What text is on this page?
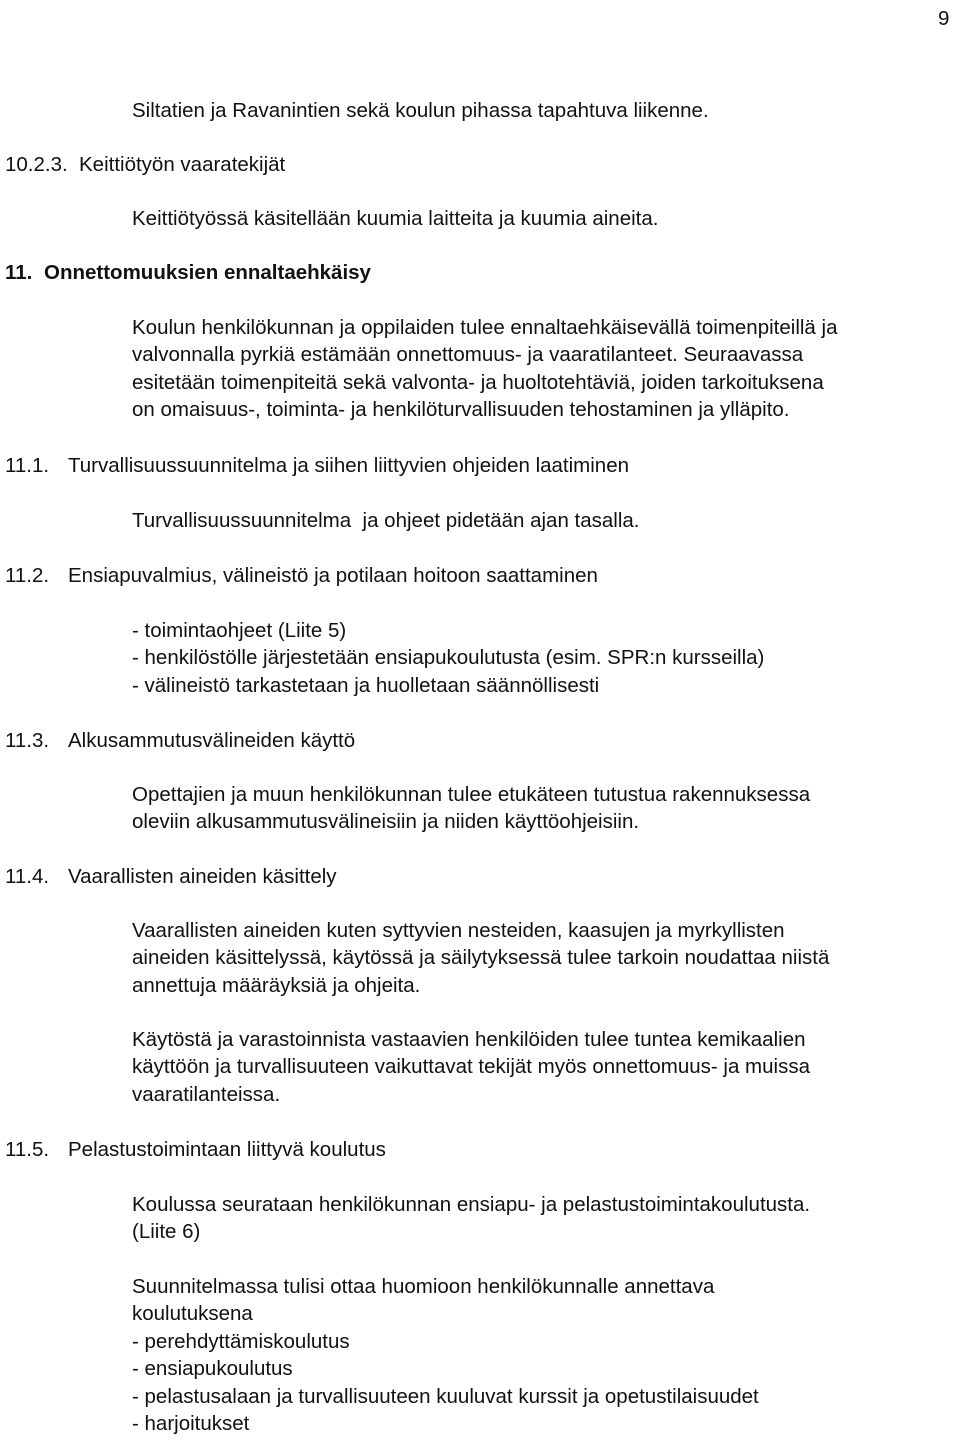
9
Siltatien ja Ravanintien sekä koulun pihassa tapahtuva liikenne.
10.2.3. Keittiötyön vaaratekijät
Keittiötyössä käsitellään kuumia laitteita ja kuumia aineita.
11. Onnettomuuksien ennaltaehkäisy
Koulun henkilökunnan ja oppilaiden tulee ennaltaehkäisevällä toimenpiteillä ja
valvonnalla pyrkiä estämään onnettomuus- ja vaaratilanteet. Seuraavassa
esitetään toimenpiteitä sekä valvonta- ja huoltotehtäviä, joiden tarkoituksena
on omaisuus-, toiminta- ja henkilöturvallisuuden tehostaminen ja ylläpito.
11.1. Turvallisuussuunnitelma ja siihen liittyvien ohjeiden laatiminen
Turvallisuussuunnitelma  ja ohjeet pidetään ajan tasalla.
11.2. Ensiapuvalmius, välineistö ja potilaan hoitoon saattaminen
- toimintaohjeet (Liite 5)
- henkilöstölle järjestetään ensiapukoulutusta (esim. SPR:n kursseilla)
- välineistö tarkastetaan ja huolletaan säännöllisesti
11.3. Alkusammutusvälineiden käyttö
Opettajien ja muun henkilökunnan tulee etukäteen tutustua rakennuksessa
oleviin alkusammutusvälineisiin ja niiden käyttöohjeisiin.
11.4. Vaarallisten aineiden käsittely
Vaarallisten aineiden kuten syttyvien nesteiden, kaasujen ja myrkyllisten
aineiden käsittelyssä, käytössä ja säilytyksessä tulee tarkoin noudattaa niistä
annettuja määräyksiä ja ohjeita.
Käytöstä ja varastoinnista vastaavien henkilöiden tulee tuntea kemikaalien
käyttöön ja turvallisuuteen vaikuttavat tekijät myös onnettomuus- ja muissa
vaaratilanteissa.
11.5. Pelastustoimintaan liittyvä koulutus
Koulussa seurataan henkilökunnan ensiapu- ja pelastustoimintakoulutusta.
(Liite 6)
Suunnitelmassa tulisi ottaa huomioon henkilökunnalle annettava
koulutuksena
- perehdyttämiskoulutus
- ensiapukoulutus
- pelastusalaan ja turvallisuuteen kuuluvat kurssit ja opetustilaisuudet
- harjoitukset
